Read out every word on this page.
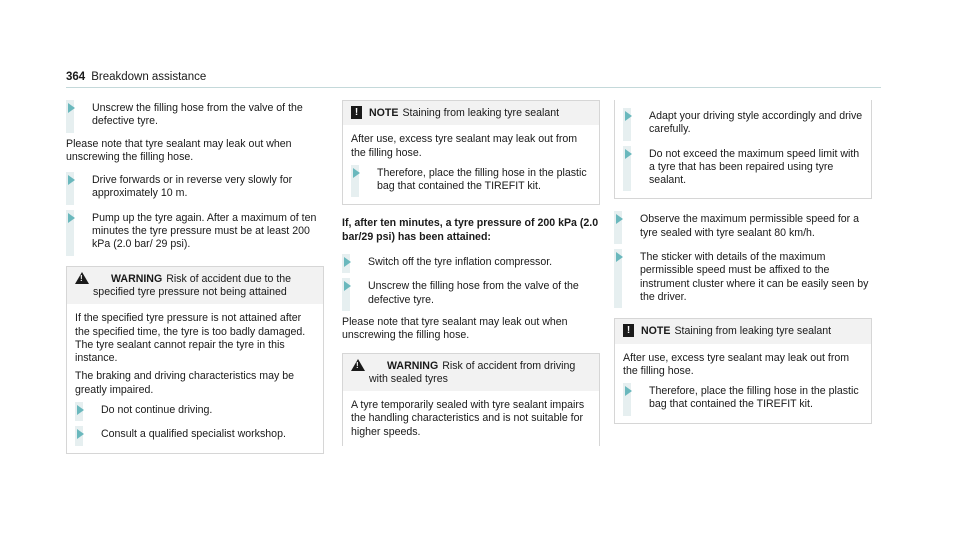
364 Breakdown assistance
Unscrew the filling hose from the valve of the defective tyre.

Please note that tyre sealant may leak out when unscrewing the filling hose.

Drive forwards or in reverse very slowly for approximately 10 m.
Pump up the tyre again. After a maximum of ten minutes the tyre pressure must be at least 200 kPa (2.0 bar/ 29 psi).
!	WARNING Risk of accident due to the specified tyre pressure not being attained

If the specified tyre pressure is not attained after the specified time, the tyre is too badly damaged. The tyre sealant cannot repair the tyre in this instance.

The braking and driving characteristics may be greatly impaired.

Do not continue driving.
Consult a qualified specialist workshop.
!	NOTE Staining from leaking tyre sealant

After use, excess tyre sealant may leak out from the filling hose.

Therefore, place the filling hose in the plastic bag that contained the TIREFIT kit.
If, after ten minutes, a tyre pressure of 200 kPa (2.0 bar/29 psi) has been attained:
Switch off the tyre inflation compressor.
Unscrew the filling hose from the valve of the defective tyre.

Please note that tyre sealant may leak out when unscrewing the filling hose.

!	WARNING Risk of accident from driving with sealed tyres

A tyre temporarily sealed with tyre sealant impairs the handling characteristics and is not suitable for higher speeds.

Adapt your driving style accordingly and drive carefully.
Do not exceed the maximum speed limit with a tyre that has been repaired using tyre sealant.
Observe the maximum permissible speed for a tyre sealed with tyre sealant 80 km/h.
The sticker with details of the maximum permissible speed must be affixed to the instrument cluster where it can be easily seen by the driver.
!	NOTE Staining from leaking tyre sealant

After use, excess tyre sealant may leak out from the filling hose.

Therefore, place the filling hose in the plastic bag that contained the TIREFIT kit.
